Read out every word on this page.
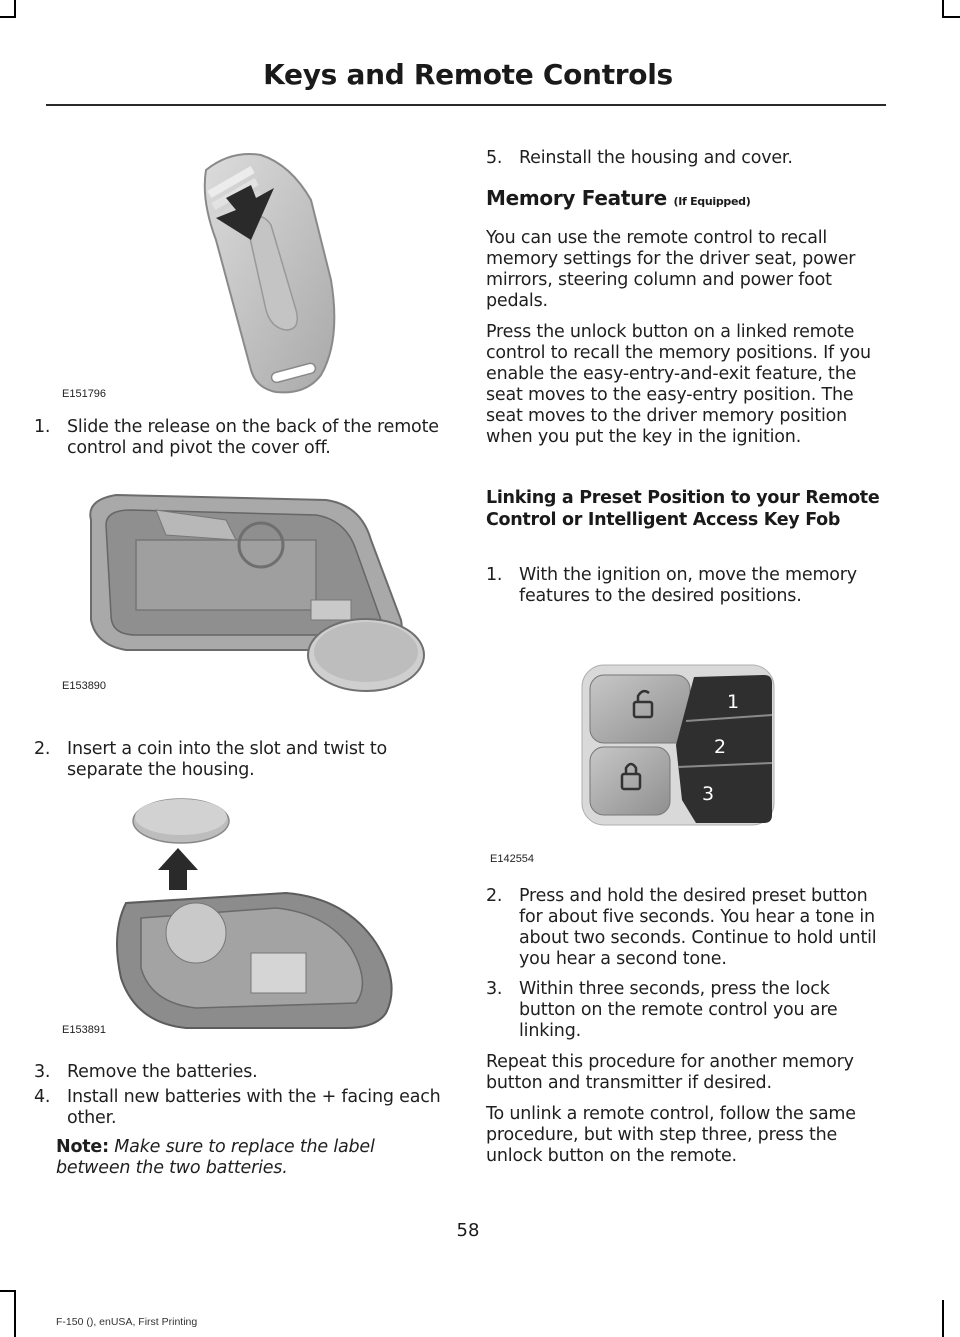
Keys and Remote Controls
E151796
1. Slide the release on the back of the remote control and pivot the cover off.
E153890
2. Insert a coin into the slot and twist to separate the housing.
E153891
3. Remove the batteries.
4. Install new batteries with the + facing each other.

Note: Make sure to replace the label between the two batteries.

5. Reinstall the housing and cover.
Memory Feature (If Equipped)

You can use the remote control to recall memory settings for the driver seat, power mirrors, steering column and power foot pedals.

Press the unlock button on a linked remote control to recall the memory positions. If you enable the easy-entry-and-exit feature, the seat moves to the easy-entry position. The seat moves to the driver memory position when you put the key in the ignition.

Linking a Preset Position to your Remote Control or Intelligent Access Key Fob
1. With the ignition on, move the memory features to the desired positions.
1
2
3
E142554
2. Press and hold the desired preset button for about five seconds. You hear a tone in about two seconds. Continue to hold until you hear a second tone.
3. Within three seconds, press the lock button on the remote control you are linking.

Repeat this procedure for another memory button and transmitter if desired.

To unlink a remote control, follow the same procedure, but with step three, press the unlock button on the remote.

58
F-150 (), enUSA, First Printing
